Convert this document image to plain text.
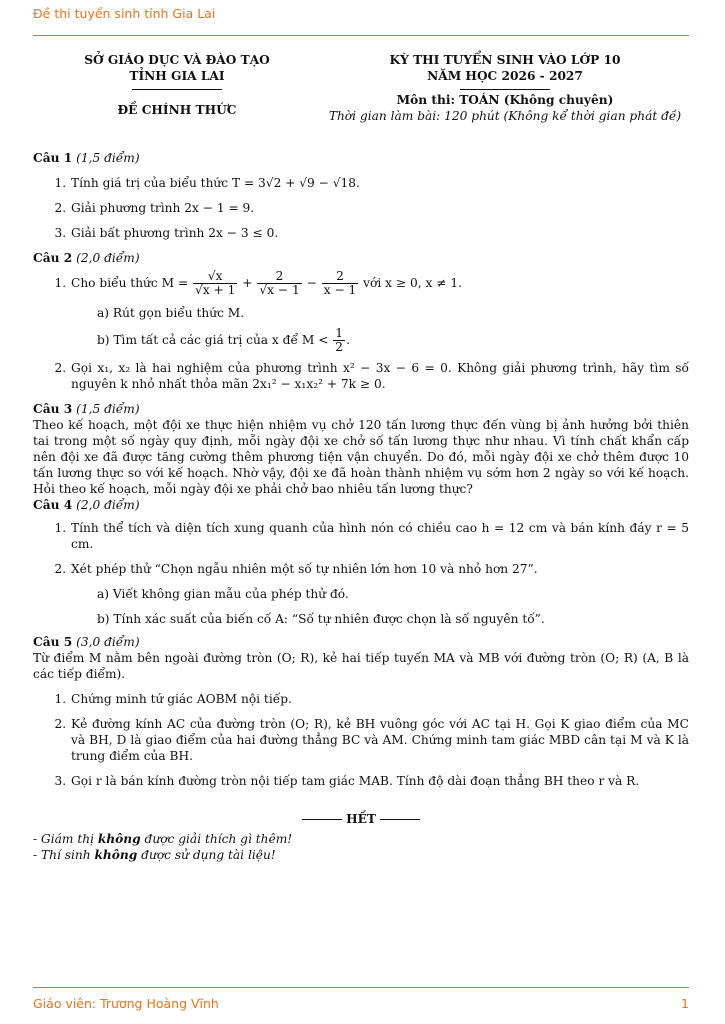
Đề thi tuyển sinh tỉnh Gia Lai
SỞ GIÁO DỤC VÀ ĐÀO TẠO
TỈNH GIA LAI
ĐỀ CHÍNH THỨC
KỲ THI TUYỂN SINH VÀO LỚP 10
NĂM HỌC 2026 - 2027
Môn thi: TOÁN (Không chuyên)
Thời gian làm bài: 120 phút (Không kể thời gian phát đề)
Câu 1 (1,5 điểm)
1. Tính giá trị của biểu thức T = 3√2 + √9 − √18.
2. Giải phương trình 2x − 1 = 9.
3. Giải bất phương trình 2x − 3 ≤ 0.
Câu 2 (2,0 điểm)
1. Cho biểu thức $M = \frac{√x}{√x + 1} + \frac{2}{√x - 1} - \frac{2}{x - 1}$ với x ≥ 0, x ≠ 1.
a) Rút gọn biểu thức M.
b) Tìm tất cả các giá trị của x để $M < \frac{1}{2}$ .
2. Gọi x₁, x₂ là hai nghiệm của phương trình x² − 3x − 6 = 0. Không giải phương trình, hãy tìm số nguyên k nhỏ nhất thỏa mãn 2x₁² − x₁x₂² + 7k ≥ 0.
Câu 3 (1,5 điểm)
Theo kế hoạch, một đội xe thực hiện nhiệm vụ chở 120 tấn lương thực đến vùng bị ảnh hưởng bởi thiên tai trong một số ngày quy định, mỗi ngày đội xe chở số tấn lương thực như nhau. Vì tính chất khẩn cấp nên đội xe đã được tăng cường thêm phương tiện vận chuyển. Do đó, mỗi ngày đội xe chở thêm được 10 tấn lương thực so với kế hoạch. Nhờ vậy, đội xe đã hoàn thành nhiệm vụ sớm hơn 2 ngày so với kế hoạch. Hỏi theo kế hoạch, mỗi ngày đội xe phải chở bao nhiêu tấn lương thực?
Câu 4 (2,0 điểm)
1. Tính thể tích và diện tích xung quanh của hình nón có chiều cao h = 12 cm và bán kính đáy r = 5 cm.
2. Xét phép thử “Chọn ngẫu nhiên một số tự nhiên lớn hơn 10 và nhỏ hơn 27”.
a) Viết không gian mẫu của phép thử đó.
b) Tính xác suất của biến cố A: “Số tự nhiên được chọn là số nguyên tố”.
Câu 5 (3,0 điểm)
Từ điểm M nằm bên ngoài đường tròn (O; R), kẻ hai tiếp tuyến MA và MB với đường tròn (O; R) (A, B là các tiếp điểm).
1. Chứng minh tứ giác AOBM nội tiếp.
2. Kẻ đường kính AC của đường tròn (O; R), kẻ BH vuông góc với AC tại H. Gọi K giao điểm của MC và BH, D là giao điểm của hai đường thẳng BC và AM. Chứng minh tam giác MBD cân tại M và K là trung điểm của BH.
3. Gọi r là bán kính đường tròn nội tiếp tam giác MAB. Tính độ dài đoạn thẳng BH theo r và R.
HẾT
- Giám thị không được giải thích gì thêm!
- Thí sinh không được sử dụng tài liệu!
Giáo viên: Trương Hoàng Vĩnh	1
